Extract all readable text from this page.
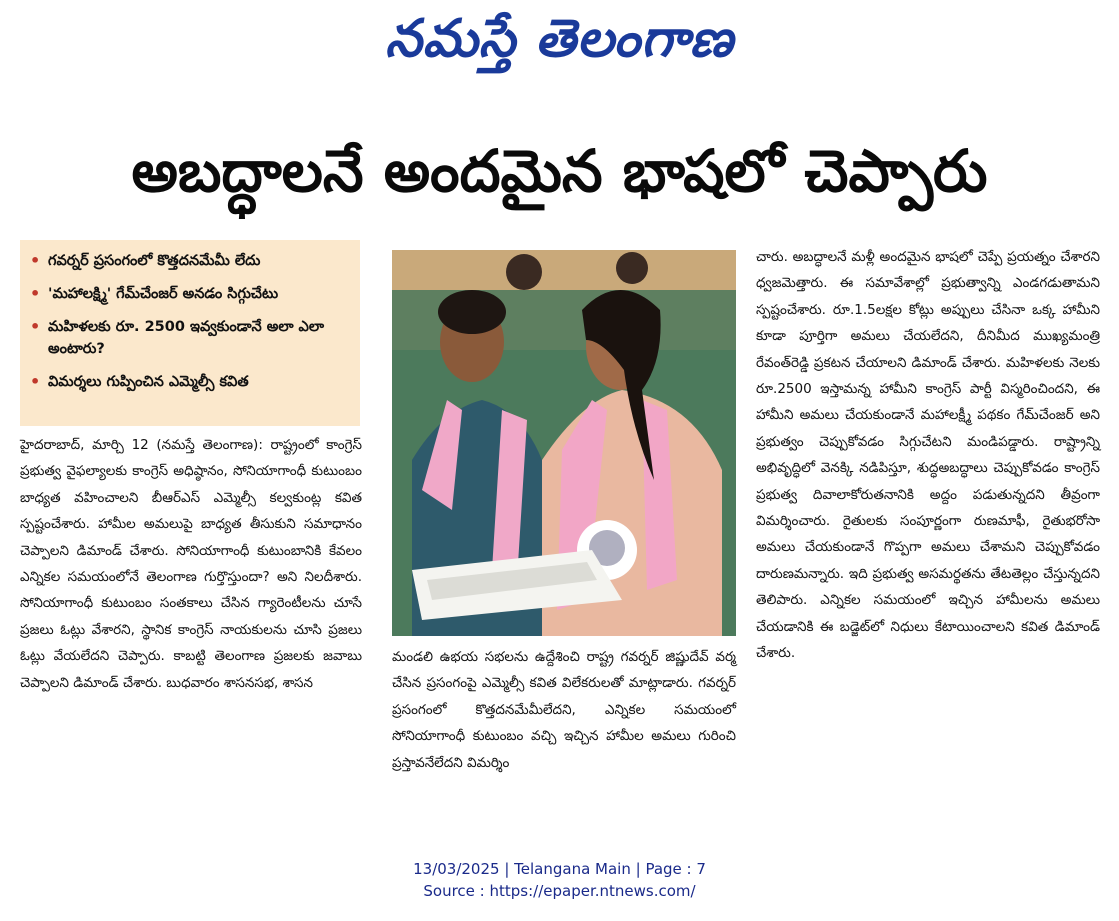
నమస్తే తెలంగాణ
అబద్ధాలనే అందమైన భాషలో చెప్పారు
• గవర్నర్ ప్రసంగంలో కొత్తదనమేమీ లేదు
• 'మహాలక్ష్మి' గేమ్‌చేంజర్ అనడం సిగ్గుచేటు
• మహిళలకు రూ. 2500 ఇవ్వకుండానే అలా ఎలా అంటారు?
• విమర్శలు గుప్పించిన ఎమ్మెల్సీ కవిత

హైదరాబాద్, మార్చి 12 (నమస్తే తెలంగాణ): రాష్ట్రంలో కాంగ్రెస్ ప్రభుత్వ వైఫల్యాలకు కాంగ్రెస్ అధిష్ఠానం, సోనియాగాంధీ కుటుంబం బాధ్యత వహించాలని బీఆర్‌ఎస్ ఎమ్మెల్సీ కల్వకుంట్ల కవిత స్పష్టంచేశారు. హామీల అమలుపై బాధ్యత తీసుకుని సమాధానం చెప్పాలని డిమాండ్ చేశారు. సోనియాగాంధీ కుటుంబానికి కేవలం ఎన్నికల సమయంలోనే తెలంగాణ గుర్తొస్తుందా? అని నిలదీశారు. సోనియాగాంధీ కుటుంబం సంతకాలు చేసిన గ్యారెంటీలను చూసే ప్రజలు ఓట్లు వేశారని, స్థానిక కాంగ్రెస్ నాయకులను చూసి ప్రజలు ఓట్లు వేయలేదని చెప్పారు. కాబట్టి తెలంగాణ ప్రజలకు జవాబు చెప్పాలని డిమాండ్ చేశారు. బుధవారం శాసనసభ, శాసన

మండలి ఉభయ సభలను ఉద్దేశించి రాష్ట్ర గవర్నర్ జిష్ణుదేవ్ వర్మ చేసిన ప్రసంగంపై ఎమ్మెల్సీ కవిత విలేకరులతో మాట్లాడారు. గవర్నర్ ప్రసంగంలో కొత్తదనమేమీలేదని, ఎన్నికల సమయంలో సోనియాగాంధీ కుటుంబం వచ్చి ఇచ్చిన హామీల అమలు గురించి ప్రస్తావనేలేదని విమర్శిం

చారు. అబద్ధాలనే మళ్లీ అందమైన భాషలో చెప్పే ప్రయత్నం చేశారని ధ్వజమెత్తారు. ఈ సమావేశాల్లో ప్రభుత్వాన్ని ఎండగడుతామని స్పష్టంచేశారు. రూ.1.5లక్షల కోట్లు అప్పులు చేసినా ఒక్క హామీని కూడా పూర్తిగా అమలు చేయలేదని, దీనిమీద ముఖ్యమంత్రి రేవంత్‌రెడ్డి ప్రకటన చేయాలని డిమాండ్ చేశారు. మహిళలకు నెలకు రూ.2500 ఇస్తామన్న హామీని కాంగ్రెస్ పార్టీ విస్మరించిందని, ఈ హామీని అమలు చేయకుండానే మహాలక్ష్మీ పథకం గేమ్‌చేంజర్ అని ప్రభుత్వం చెప్పుకోవడం సిగ్గుచేటని మండిపడ్డారు. రాష్ట్రాన్ని అభివృద్ధిలో వెనక్కి నడిపిస్తూ, శుద్ధఅబద్ధాలు చెప్పుకోవడం కాంగ్రెస్ ప్రభుత్వ దివాలాకోరుతనానికి అద్దం పడుతున్నదని తీవ్రంగా విమర్శించారు. రైతులకు సంపూర్ణంగా రుణమాఫీ, రైతుభరోసా అమలు చేయకుండానే గొప్పగా అమలు చేశామని చెప్పుకోవడం దారుణమన్నారు. ఇది ప్రభుత్వ అసమర్థతను తేటతెల్లం చేస్తున్నదని తెలిపారు. ఎన్నికల సమయంలో ఇచ్చిన హామీలను అమలు చేయడానికి ఈ బడ్జెట్‌లో నిధులు కేటాయించాలని కవిత డిమాండ్ చేశారు.

13/03/2025 | Telangana Main | Page : 7
Source : https://epaper.ntnews.com/
